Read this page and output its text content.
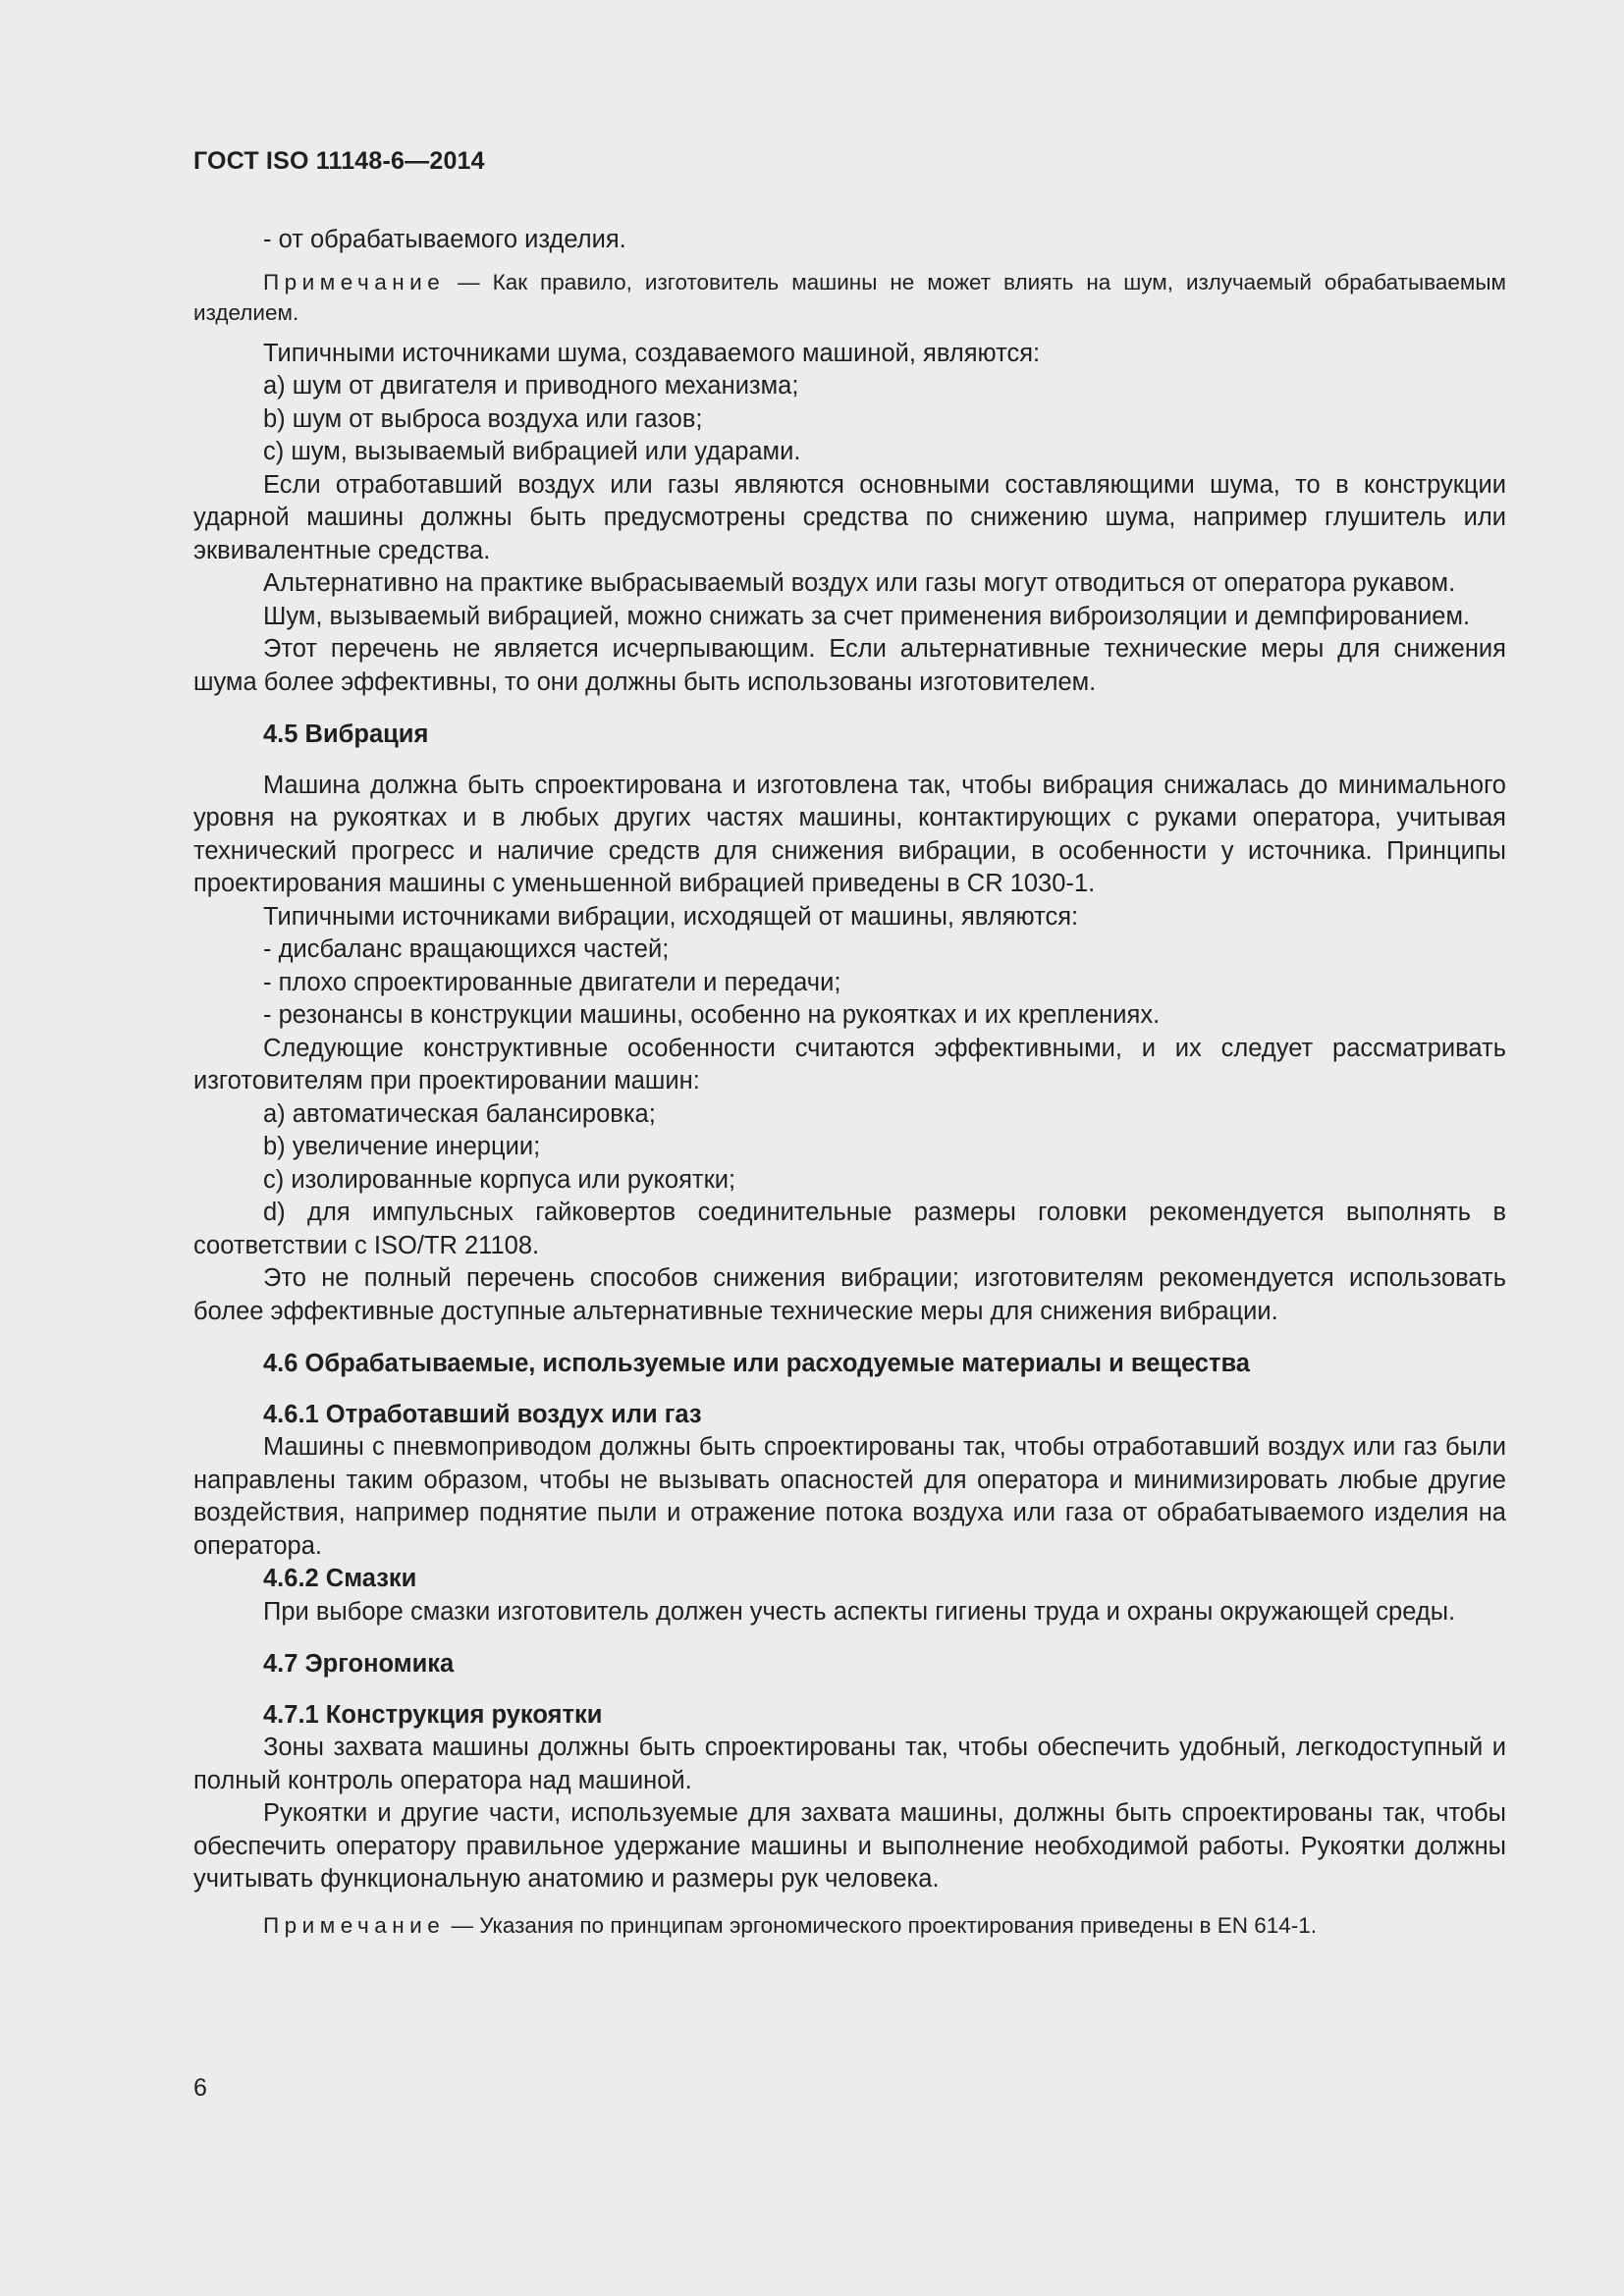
ГОСТ ISO 11148-6—2014
- от обрабатываемого изделия.
Примечание — Как правило, изготовитель машины не может влиять на шум, излучаемый обрабатываемым изделием.

Типичными источниками шума, создаваемого машиной, являются:

a) шум от двигателя и приводного механизма;
b) шум от выброса воздуха или газов;
c) шум, вызываемый вибрацией или ударами.

Если отработавший воздух или газы являются основными составляющими шума, то в конструкции ударной машины должны быть предусмотрены средства по снижению шума, например глушитель или эквивалентные средства.

Альтернативно на практике выбрасываемый воздух или газы могут отводиться от оператора рукавом.

Шум, вызываемый вибрацией, можно снижать за счет применения виброизоляции и демпфированием.

Этот перечень не является исчерпывающим. Если альтернативные технические меры для снижения шума более эффективны, то они должны быть использованы изготовителем.

4.5 Вибрация

Машина должна быть спроектирована и изготовлена так, чтобы вибрация снижалась до минимального уровня на рукоятках и в любых других частях машины, контактирующих с руками оператора, учитывая технический прогресс и наличие средств для снижения вибрации, в особенности у источника. Принципы проектирования машины с уменьшенной вибрацией приведены в CR 1030-1.

Типичными источниками вибрации, исходящей от машины, являются:

- дисбаланс вращающихся частей;
- плохо спроектированные двигатели и передачи;
- резонансы в конструкции машины, особенно на рукоятках и их креплениях.

Следующие конструктивные особенности считаются эффективными, и их следует рассматривать изготовителям при проектировании машин:

a) автоматическая балансировка;
b) увеличение инерции;
c) изолированные корпуса или рукоятки;

d) для импульсных гайковертов соединительные размеры головки рекомендуется выполнять в соответствии с ISO/TR 21108.

Это не полный перечень способов снижения вибрации; изготовителям рекомендуется использовать более эффективные доступные альтернативные технические меры для снижения вибрации.

4.6 Обрабатываемые, используемые или расходуемые материалы и вещества
4.6.1 Отработавший воздух или газ

Машины с пневмоприводом должны быть спроектированы так, чтобы отработавший воздух или газ были направлены таким образом, чтобы не вызывать опасностей для оператора и минимизировать любые другие воздействия, например поднятие пыли и отражение потока воздуха или газа от обрабатываемого изделия на оператора.

4.6.2 Смазки

При выборе смазки изготовитель должен учесть аспекты гигиены труда и охраны окружающей среды.

4.7 Эргономика
4.7.1 Конструкция рукоятки

Зоны захвата машины должны быть спроектированы так, чтобы обеспечить удобный, легкодоступный и полный контроль оператора над машиной.

Рукоятки и другие части, используемые для захвата машины, должны быть спроектированы так, чтобы обеспечить оператору правильное удержание машины и выполнение необходимой работы. Рукоятки должны учитывать функциональную анатомию и размеры рук человека.

Примечание — Указания по принципам эргономического проектирования приведены в EN 614-1.
6
